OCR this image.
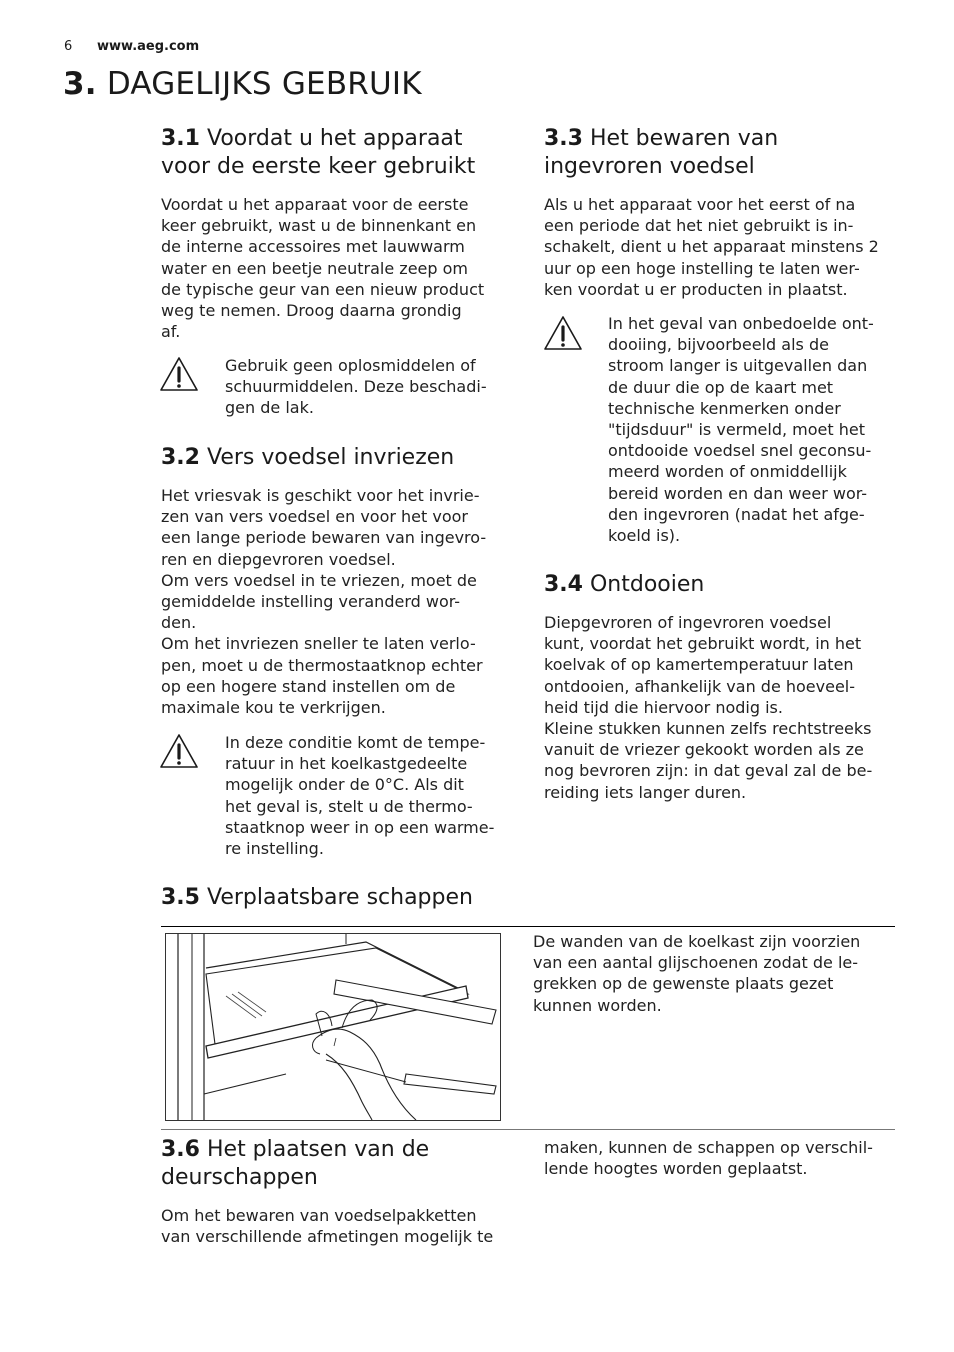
6 www.aeg.com
3. DAGELIJKS GEBRUIK
3.1 Voordat u het apparaat
voor de eerste keer gebruikt
Voordat u het apparaat voor de eerste
keer gebruikt, wast u de binnenkant en
de interne accessoires met lauwwarm
water en een beetje neutrale zeep om
de typische geur van een nieuw product
weg te nemen. Droog daarna grondig
af.
Gebruik geen oplosmiddelen of
schuurmiddelen. Deze beschadi-
gen de lak.
3.2 Vers voedsel invriezen
Het vriesvak is geschikt voor het invrie-
zen van vers voedsel en voor het voor
een lange periode bewaren van ingevro-
ren en diepgevroren voedsel.
Om vers voedsel in te vriezen, moet de
gemiddelde instelling veranderd wor-
den.
Om het invriezen sneller te laten verlo-
pen, moet u de thermostaatknop echter
op een hogere stand instellen om de
maximale kou te verkrijgen.
In deze conditie komt de tempe-
ratuur in het koelkastgedeelte
mogelijk onder de 0°C. Als dit
het geval is, stelt u de thermo-
staatknop weer in op een warme-
re instelling.
3.3 Het bewaren van
ingevroren voedsel
Als u het apparaat voor het eerst of na
een periode dat het niet gebruikt is in-
schakelt, dient u het apparaat minstens 2
uur op een hoge instelling te laten wer-
ken voordat u er producten in plaatst.
In het geval van onbedoelde ont-
dooiing, bijvoorbeeld als de
stroom langer is uitgevallen dan
de duur die op de kaart met
technische kenmerken onder
"tijdsduur" is vermeld, moet het
ontdooide voedsel snel geconsu-
meerd worden of onmiddellijk
bereid worden en dan weer wor-
den ingevroren (nadat het afge-
koeld is).
3.4 Ontdooien
Diepgevroren of ingevroren voedsel
kunt, voordat het gebruikt wordt, in het
koelvak of op kamertemperatuur laten
ontdooien, afhankelijk van de hoeveel-
heid tijd die hiervoor nodig is.
Kleine stukken kunnen zelfs rechtstreeks
vanuit de vriezer gekookt worden als ze
nog bevroren zijn: in dat geval zal de be-
reiding iets langer duren.
3.5 Verplaatsbare schappen
De wanden van de koelkast zijn voorzien
van een aantal glijschoenen zodat de le-
grekken op de gewenste plaats gezet
kunnen worden.
3.6 Het plaatsen van de
deurschappen
Om het bewaren van voedselpakketten
van verschillende afmetingen mogelijk te
maken, kunnen de schappen op verschil-
lende hoogtes worden geplaatst.
